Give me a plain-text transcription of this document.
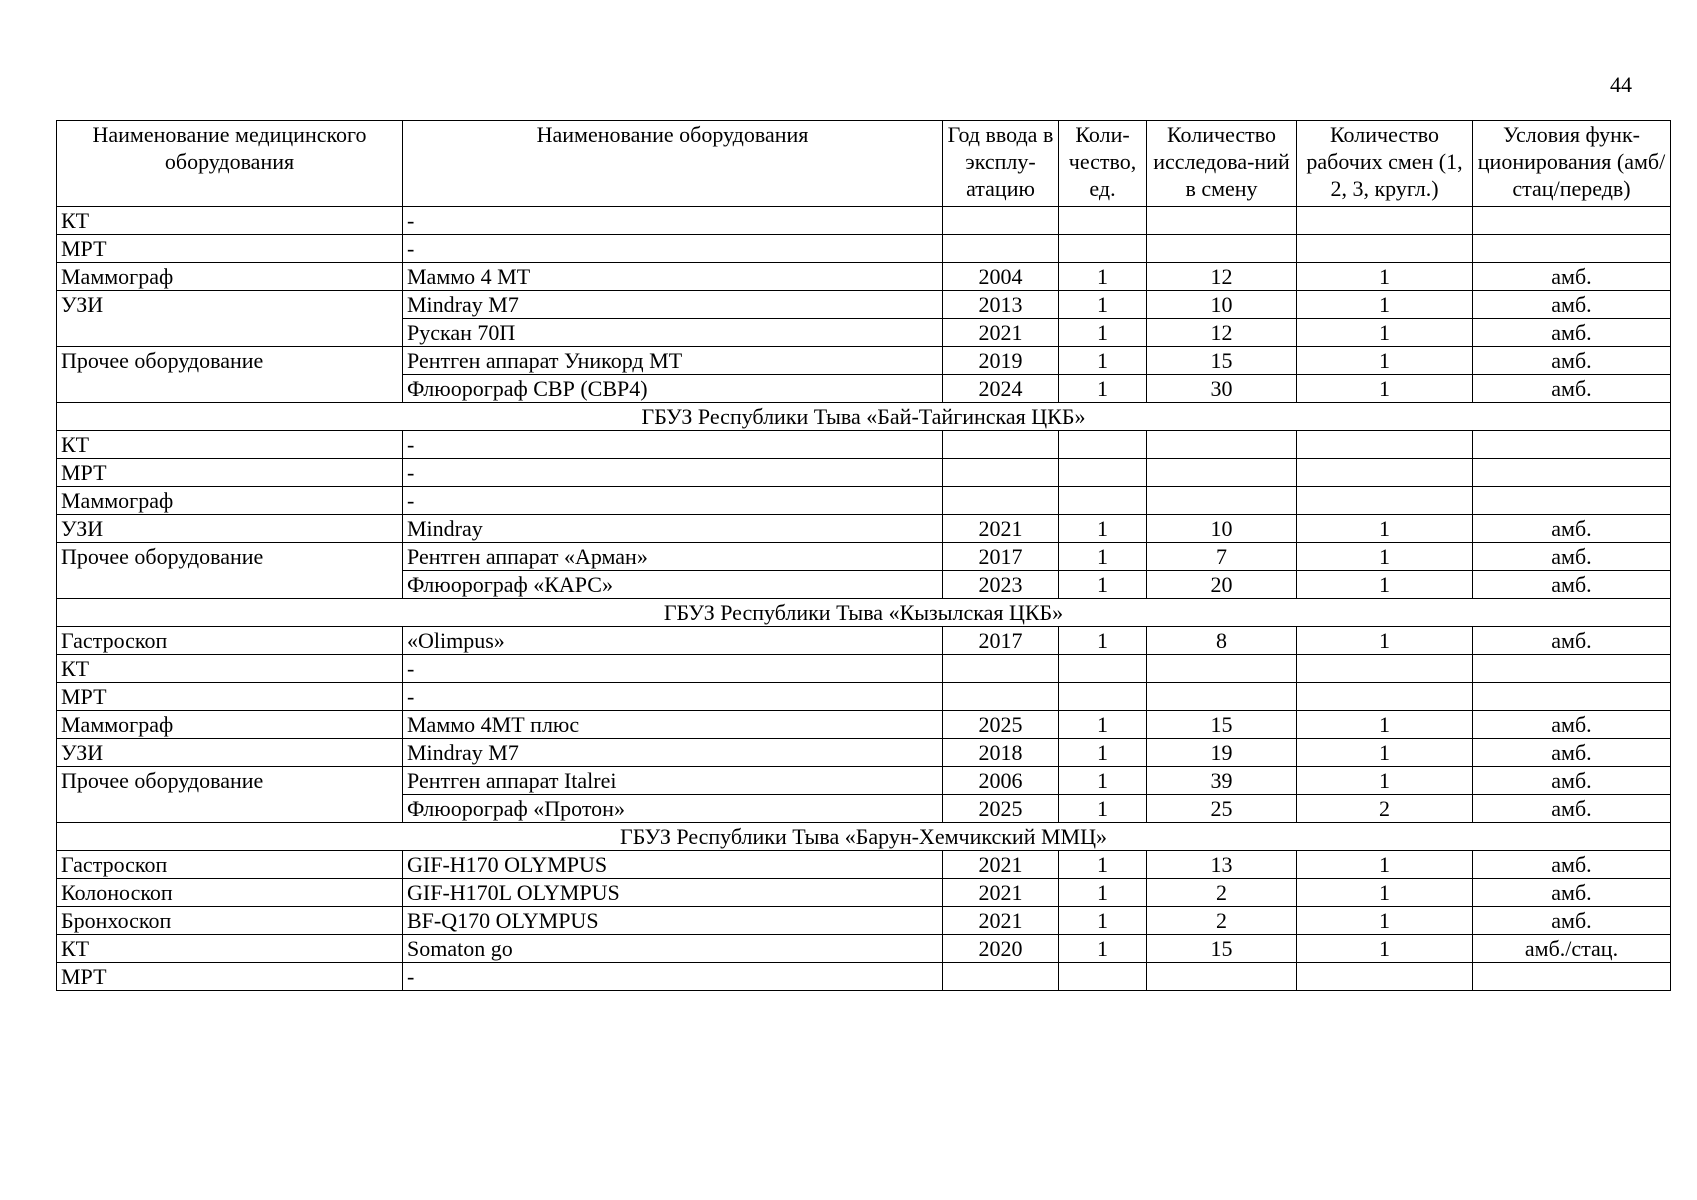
44
Наименование медицинского оборудования	Наименование оборудования	Год ввода в эксплу-атацию	Коли-чество, ед.	Количество исследова-ний в смену	Количество рабочих смен (1, 2, 3, кругл.)	Условия функ-ционирования (амб/стац/передв)
КТ	-					
МРТ	-					
Маммограф	Маммо 4 МТ	2004	1	12	1	амб.
УЗИ	Mindray M7	2013	1	10	1	амб.
	Рускан 70П	2021	1	12	1	амб.
Прочее оборудование	Рентген аппарат Уникорд МТ	2019	1	15	1	амб.
	Флюорограф СВР (СВР4)	2024	1	30	1	амб.
ГБУЗ Республики Тыва «Бай-Тайгинская ЦКБ»						
КТ	-					
МРТ	-					
Маммограф	-					
УЗИ	Mindray	2021	1	10	1	амб.
Прочее оборудование	Рентген аппарат «Арман»	2017	1	7	1	амб.
	Флюорограф «КАРС»	2023	1	20	1	амб.
ГБУЗ Республики Тыва «Кызылская ЦКБ»						
Гастроскоп	«Olimpus»	2017	1	8	1	амб.
КТ	-					
МРТ	-					
Маммограф	Маммо 4МТ плюс	2025	1	15	1	амб.
УЗИ	Mindray M7	2018	1	19	1	амб.
Прочее оборудование	Рентген аппарат Italrei	2006	1	39	1	амб.
	Флюорограф «Протон»	2025	1	25	2	амб.
ГБУЗ Республики Тыва «Барун-Хемчикский ММЦ»						
Гастроскоп	GIF-H170 OLYMPUS	2021	1	13	1	амб.
Колоноскоп	GIF-H170L OLYMPUS	2021	1	2	1	амб.
Бронхоскоп	BF-Q170 OLYMPUS	2021	1	2	1	амб.
КТ	Somaton go	2020	1	15	1	амб./стац.
МРТ	-					
